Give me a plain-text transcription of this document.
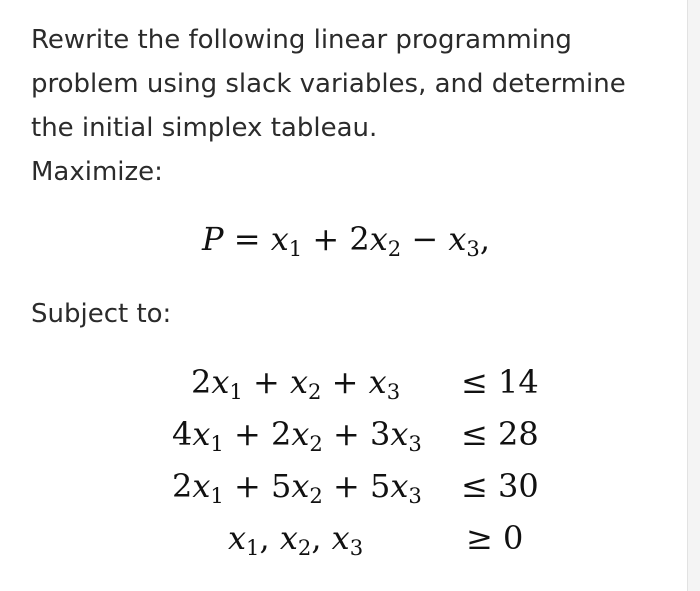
Rewrite the following linear programming

problem using slack variables, and determine

the initial simplex tableau.

Maximize:

$P = x_1 + 2x_2 - x_3$,
Subject to:
$2x_1 + x_2 + x_3 \le 14$
$4x_1 + 2x_2 + 3x_3 \le 28$
$2x_1 + 5x_2 + 5x_3 \le 30$
$x_1$, $x_2$, $x_3$	≥ 0
